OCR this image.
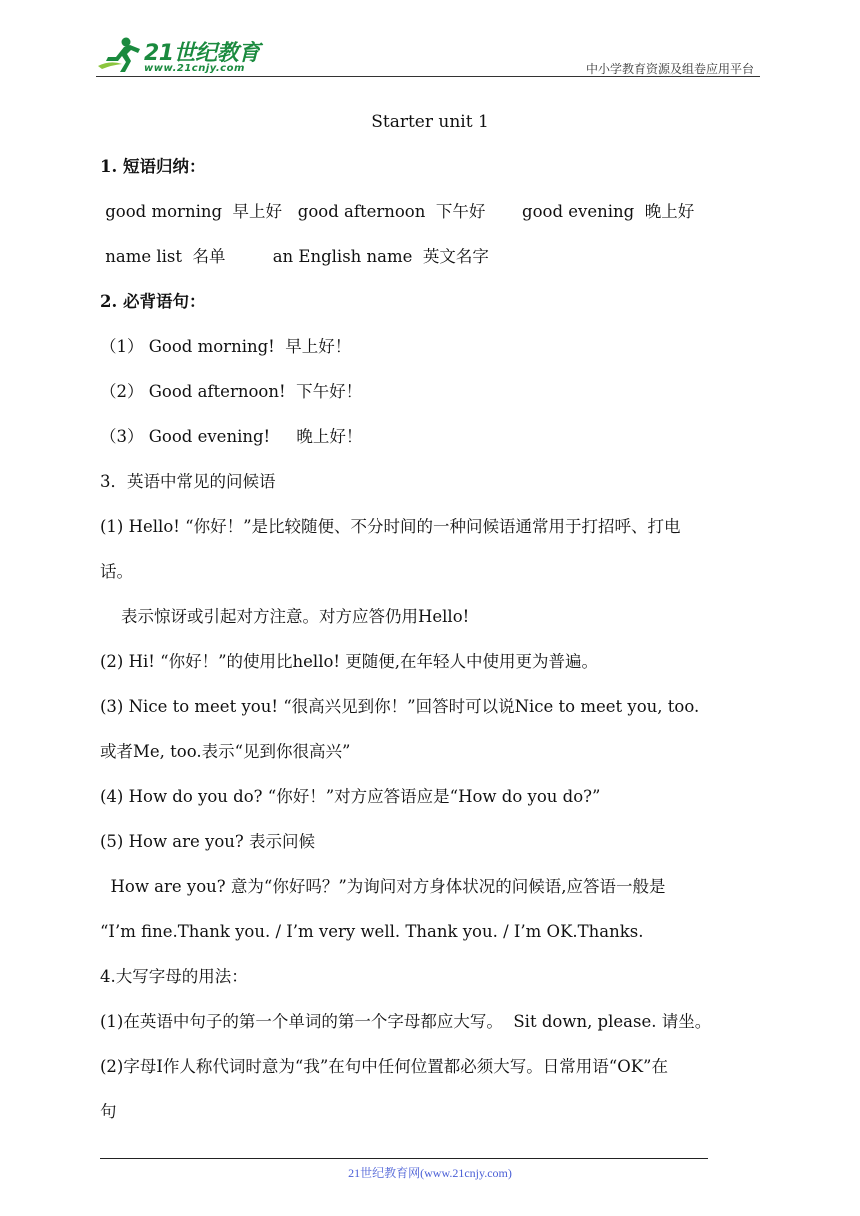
21世纪教育
www.21cnjy.com	中小学教育资源及组卷应用平台
Starter unit 1
1. 短语归纳：
good morning  早上好   good afternoon  下午好       good evening  晚上好
name list  名单         an English name  英文名字
2. 必背语句：
（1） Good morning!  早上好！
（2） Good afternoon!  下午好！
（3） Good evening!     晚上好！
3．英语中常见的问候语
(1) Hello! “你好！”是比较随便、不分时间的一种问候语通常用于打招呼、打电
话。
表示惊讶或引起对方注意。对方应答仍用Hello!
(2) Hi! “你好！”的使用比hello! 更随便,在年轻人中使用更为普遍。
(3) Nice to meet you! “很高兴见到你！”回答时可以说Nice to meet you, too.
或者Me, too.表示“见到你很高兴”
(4) How do you do? “你好！”对方应答语应是“How do you do?”
(5) How are you? 表示问候
How are you? 意为“你好吗？”为询问对方身体状况的问候语,应答语一般是
“I’m fine.Thank you. / I’m very well. Thank you. / I’m OK.Thanks.
4.大写字母的用法：
(1)在英语中句子的第一个单词的第一个字母都应大写。  Sit down, please. 请坐。
(2)字母I作人称代词时意为“我”在句中任何位置都必须大写。日常用语“OK”在
句
21世纪教育网(www.21cnjy.com)
